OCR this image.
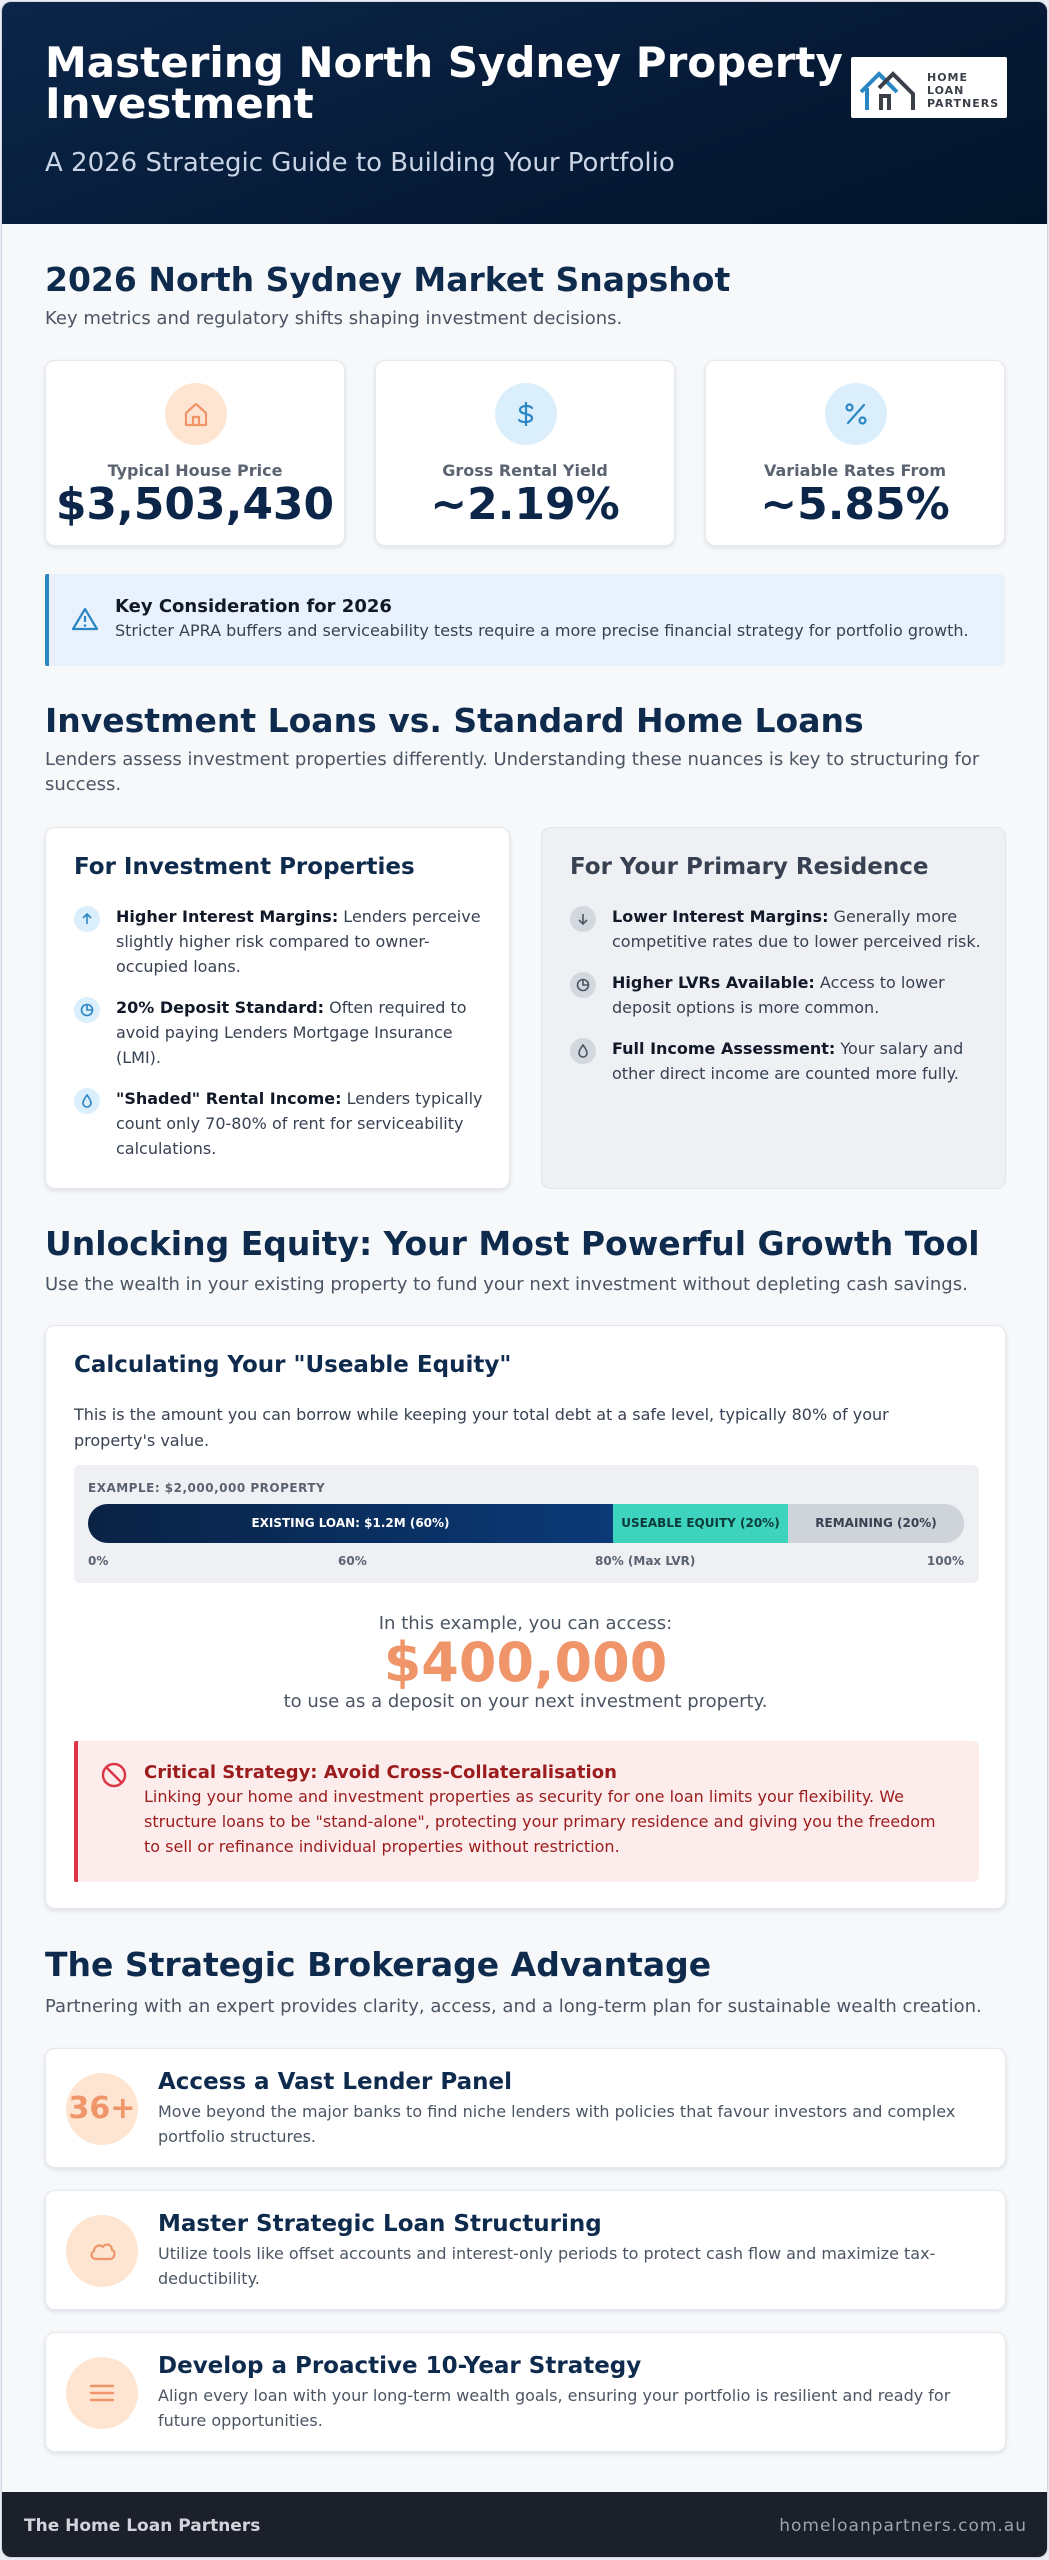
Mastering North Sydney Property Investment
A 2026 Strategic Guide to Building Your Portfolio
HOME
LOAN
PARTNERS
2026 North Sydney Market Snapshot
Key metrics and regulatory shifts shaping investment decisions.
Typical House Price
$3,503,430
Gross Rental Yield
~2.19%
Variable Rates From
~5.85%
Key Consideration for 2026
Stricter APRA buffers and serviceability tests require a more precise financial strategy for portfolio growth.
Investment Loans vs. Standard Home Loans
Lenders assess investment properties differently. Understanding these nuances is key to structuring for success.
For Investment Properties
Higher Interest Margins: Lenders perceive slightly higher risk compared to owner-occupied loans.
20% Deposit Standard: Often required to avoid paying Lenders Mortgage Insurance (LMI).
"Shaded" Rental Income: Lenders typically count only 70-80% of rent for serviceability calculations.
For Your Primary Residence
Lower Interest Margins: Generally more competitive rates due to lower perceived risk.
Higher LVRs Available: Access to lower deposit options is more common.
Full Income Assessment: Your salary and other direct income are counted more fully.
Unlocking Equity: Your Most Powerful Growth Tool
Use the wealth in your existing property to fund your next investment without depleting cash savings.
Calculating Your "Useable Equity"
This is the amount you can borrow while keeping your total debt at a safe level, typically 80% of your property's value.
EXAMPLE: $2,000,000 PROPERTY
EXISTING LOAN: $1.2M (60%)	USEABLE EQUITY (20%)	REMAINING (20%)
0%	60%	80% (Max LVR)	100%
In this example, you can access:
$400,000
to use as a deposit on your next investment property.
Critical Strategy: Avoid Cross-Collateralisation
Linking your home and investment properties as security for one loan limits your flexibility. We structure loans to be "stand-alone", protecting your primary residence and giving you the freedom to sell or refinance individual properties without restriction.
The Strategic Brokerage Advantage
Partnering with an expert provides clarity, access, and a long-term plan for sustainable wealth creation.
36+
Access a Vast Lender Panel
Move beyond the major banks to find niche lenders with policies that favour investors and complex portfolio structures.
Master Strategic Loan Structuring
Utilize tools like offset accounts and interest-only periods to protect cash flow and maximize tax-deductibility.
Develop a Proactive 10-Year Strategy
Align every loan with your long-term wealth goals, ensuring your portfolio is resilient and ready for future opportunities.
The Home Loan Partners	homeloanpartners.com.au
